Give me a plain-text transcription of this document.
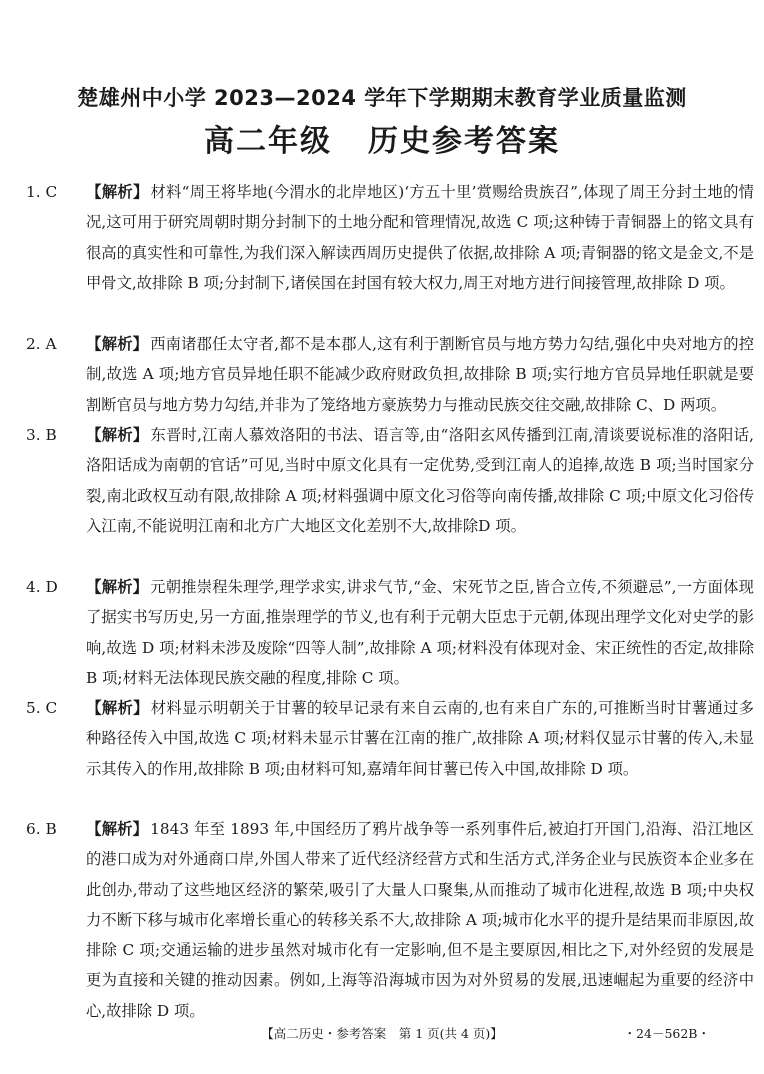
楚雄州中小学 2023—2024 学年下学期期末教育学业质量监测
高二年级 历史参考答案
1. C 【解析】 材料“周王将毕地(今渭水的北岸地区)‘方五十里’赏赐给贵族召”,体现了周王分封土地的情况,这可用于研究周朝时期分封制下的土地分配和管理情况,故选 C 项;这种铸于青铜器上的铭文具有很高的真实性和可靠性,为我们深入解读西周历史提供了依据,故排除 A 项;青铜器的铭文是金文,不是甲骨文,故排除 B 项;分封制下,诸侯国在封国有较大权力,周王对地方进行间接管理,故排除 D 项。
2. A 【解析】 西南诸郡任太守者,都不是本郡人,这有利于割断官员与地方势力勾结,强化中央对地方的控制,故选 A 项;地方官员异地任职不能减少政府财政负担,故排除 B 项;实行地方官员异地任职就是要割断官员与地方势力勾结,并非为了笼络地方豪族势力与推动民族交往交融,故排除 C、D 两项。
3. B 【解析】 东晋时,江南人慕效洛阳的书法、语言等,由“洛阳玄风传播到江南,清谈要说标准的洛阳话,洛阳话成为南朝的官话”可见,当时中原文化具有一定优势,受到江南人的追捧,故选 B 项;当时国家分裂,南北政权互动有限,故排除 A 项;材料强调中原文化习俗等向南传播,故排除 C 项;中原文化习俗传入江南,不能说明江南和北方广大地区文化差别不大,故排除D 项。
4. D 【解析】 元朝推崇程朱理学,理学求实,讲求气节,“金、宋死节之臣,皆合立传,不须避忌”,一方面体现了据实书写历史,另一方面,推崇理学的节义,也有利于元朝大臣忠于元朝,体现出理学文化对史学的影响,故选 D 项;材料未涉及废除“四等人制”,故排除 A 项;材料没有体现对金、宋正统性的否定,故排除 B 项;材料无法体现民族交融的程度,排除 C 项。
5. C 【解析】 材料显示明朝关于甘薯的较早记录有来自云南的,也有来自广东的,可推断当时甘薯通过多种路径传入中国,故选 C 项;材料未显示甘薯在江南的推广,故排除 A 项;材料仅显示甘薯的传入,未显示其传入的作用,故排除 B 项;由材料可知,嘉靖年间甘薯已传入中国,故排除 D 项。
6. B 【解析】 1843 年至 1893 年,中国经历了鸦片战争等一系列事件后,被迫打开国门,沿海、沿江地区的港口成为对外通商口岸,外国人带来了近代经济经营方式和生活方式,洋务企业与民族资本企业多在此创办,带动了这些地区经济的繁荣,吸引了大量人口聚集,从而推动了城市化进程,故选 B 项;中央权力不断下移与城市化率增长重心的转移关系不大,故排除 A 项;城市化水平的提升是结果而非原因,故排除 C 项;交通运输的进步虽然对城市化有一定影响,但不是主要原因,相比之下,对外经贸的发展是更为直接和关键的推动因素。例如,上海等沿海城市因为对外贸易的发展,迅速崛起为重要的经济中心,故排除 D 项。
【高二历史・参考答案　第 1 页(共 4 页)】	・24－562B・
